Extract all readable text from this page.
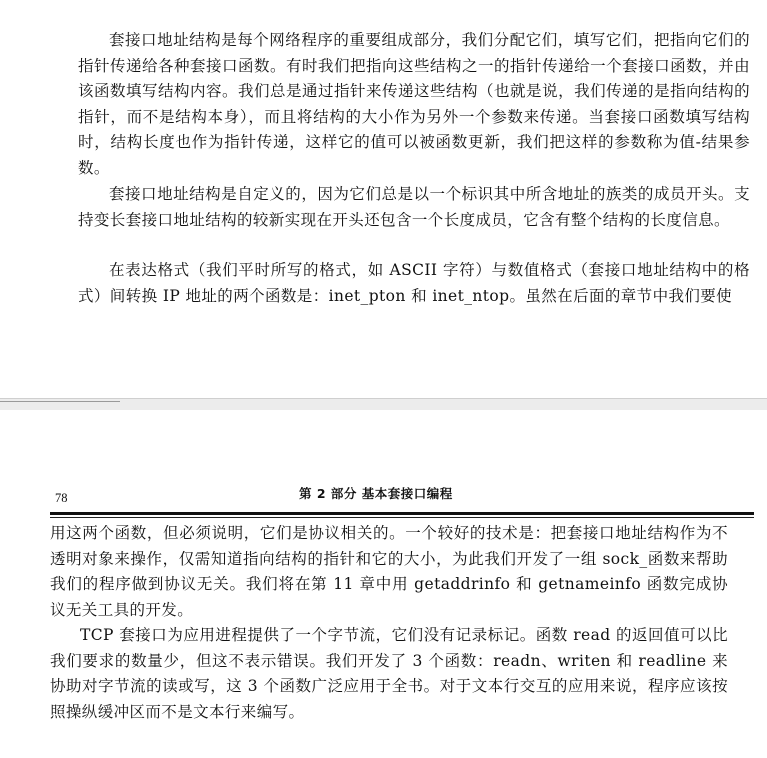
套接口地址结构是每个网络程序的重要组成部分，我们分配它们，填写它们，把指向它们的指针传递给各种套接口函数。有时我们把指向这些结构之一的指针传递给一个套接口函数，并由该函数填写结构内容。我们总是通过指针来传递这些结构（也就是说，我们传递的是指向结构的指针，而不是结构本身），而且将结构的大小作为另外一个参数来传递。当套接口函数填写结构时，结构长度也作为指针传递，这样它的值可以被函数更新，我们把这样的参数称为值-结果参数。

套接口地址结构是自定义的，因为它们总是以一个标识其中所含地址的族类的成员开头。支持变长套接口地址结构的较新实现在开头还包含一个长度成员，它含有整个结构的长度信息。

在表达格式（我们平时所写的格式，如 ASCII 字符）与数值格式（套接口地址结构中的格式）间转换 IP 地址的两个函数是：inet_pton 和 inet_ntop。虽然在后面的章节中我们要使

78	第 2 部分 基本套接口编程

用这两个函数，但必须说明，它们是协议相关的。一个较好的技术是：把套接口地址结构作为不透明对象来操作，仅需知道指向结构的指针和它的大小，为此我们开发了一组 sock_函数来帮助我们的程序做到协议无关。我们将在第 11 章中用 getaddrinfo 和 getnameinfo 函数完成协议无关工具的开发。

TCP 套接口为应用进程提供了一个字节流，它们没有记录标记。函数 read 的返回值可以比我们要求的数量少，但这不表示错误。我们开发了 3 个函数：readn、writen 和 readline 来协助对字节流的读或写，这 3 个函数广泛应用于全书。对于文本行交互的应用来说，程序应该按照操纵缓冲区而不是文本行来编写。
